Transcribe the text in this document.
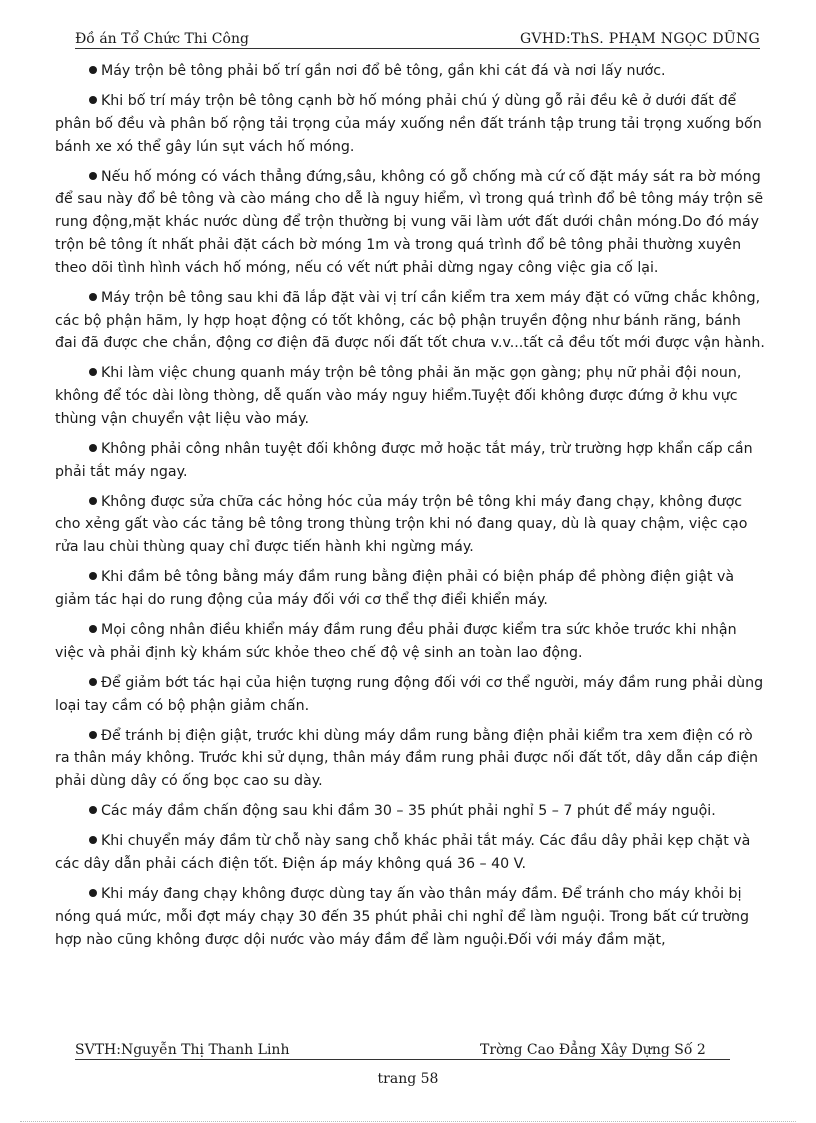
Đồ án Tổ Chức Thi Công	GVHD:ThS. PHẠM NGỌC DŨNG

Máy trộn bê tông phải bố trí gần nơi đổ bê tông, gần khi cát đá và nơi lấy nước.

Khi bố trí máy trộn bê tông cạnh bờ hố móng phải chú ý dùng gỗ rải đều kê ở dưới đất để phân bố đều và phân bố rộng tải trọng của máy xuống nền đất tránh tập trung tải trọng xuống bốn bánh xe xó thể gây lún sụt vách hố móng.

Nếu hố móng có vách thẳng đứng,sâu, không có gỗ chống mà cứ cố đặt máy sát ra bờ móng để sau này đổ bê tông và cào máng cho dễ là nguy hiểm, vì trong quá trình đổ bê tông máy trộn sẽ rung động,mặt khác nước dùng để trộn thường bị vung vãi làm ướt đất dưới chân móng.Do đó máy trộn bê tông ít nhất phải đặt cách bờ móng 1m và trong quá trình đổ bê tông phải thường xuyên theo dõi tình hình vách hố móng, nếu có vết nứt phải dừng ngay công việc gia cố lại.

Máy trộn bê tông sau khi đã lắp đặt vài vị trí cần kiểm tra xem máy đặt có vững chắc không, các bộ phận hãm, ly hợp hoạt động có tốt không, các bộ phận truyền động như bánh răng, bánh đai đã được che chắn, động cơ điện đã được nối đất tốt chưa v.v...tất cả đều tốt mới được vận hành.

Khi làm việc chung quanh máy trộn bê tông phải ăn mặc gọn gàng; phụ nữ phải đội noun, không để tóc dài lòng thòng, dễ quấn vào máy nguy hiểm.Tuyệt đối không được đứng ở khu vực thùng vận chuyển vật liệu vào máy.

Không phải công nhân tuyệt đối không được mở hoặc tắt máy, trừ trường hợp khẩn cấp cần phải tắt máy ngay.

Không được sửa chữa các hỏng hóc của máy trộn bê tông khi máy đang chạy, không được cho xẻng gất vào các tảng bê tông trong thùng trộn khi nó đang quay, dù là quay chậm, việc cạo rửa lau chùi thùng quay chỉ được tiến hành khi ngừng máy.

Khi đầm bê tông bằng máy đầm rung bằng điện phải có biện pháp đề phòng điện giật và giảm tác hại do rung động của máy đối với cơ thể thợ điểi khiển máy.

Mọi công nhân điều khiển máy đầm rung đều phải được kiểm tra sức khỏe trước khi nhận việc và phải định kỳ khám sức khỏe theo chế độ vệ sinh an toàn lao động.

Để giảm bớt tác hại của hiện tượng rung động đối với cơ thể người, máy đầm rung phải dùng loại tay cầm có bộ phận giảm chấn.

Để tránh bị điện giật, trước khi dùng máy dầm rung bằng điện phải kiểm tra xem điện có rò ra thân máy không. Trước khi sử dụng, thân máy đầm rung phải được nối đất tốt, dây dẫn cáp điện phải dùng dây có ống bọc cao su dày.

Các máy đầm chấn động sau khi đầm 30 – 35 phút phải nghỉ 5 – 7 phút để máy nguội.

Khi chuyển máy đầm từ chỗ này sang chỗ khác phải tắt máy. Các đầu dây phải kẹp chặt và các dây dẫn phải cách điện tốt. Điện áp máy không quá 36 – 40 V.

Khi máy đang chạy không được dùng tay ấn vào thân máy đầm. Để tránh cho máy khỏi bị nóng quá mức, mỗi đợt máy chạy 30 đến 35 phút phải chi nghỉ để làm nguội. Trong bất cứ trường hợp nào cũng không được dội nước vào máy đầm để làm nguội.Đối với máy đầm mặt,

SVTH:Nguyễn Thị Thanh Linh	Trờng Cao Đẳng Xây Dựng Số 2
trang 58
